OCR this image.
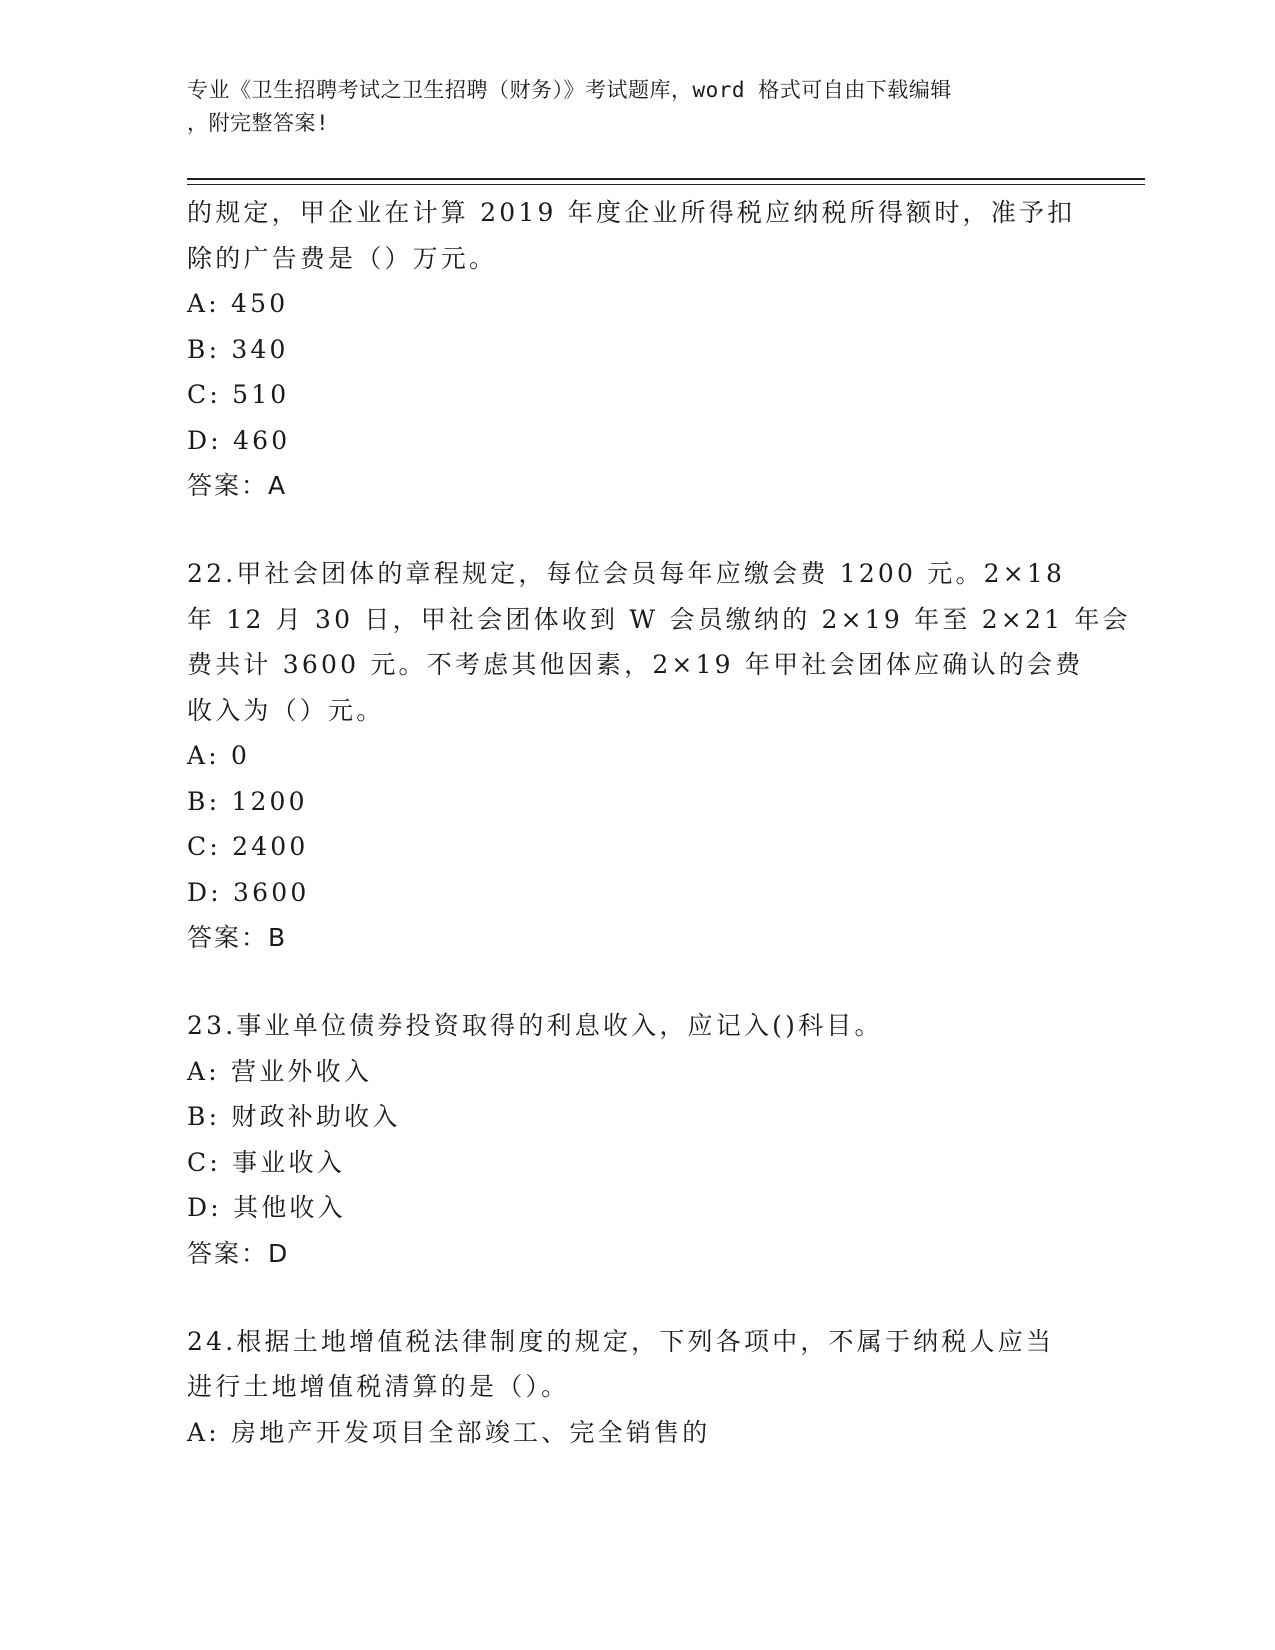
专业《卫生招聘考试之卫生招聘（财务）》考试题库，word 格式可自由下载编辑
，附完整答案!
的规定，甲企业在计算 2019 年度企业所得税应纳税所得额时，准予扣
除的广告费是（）万元。
A: 450
B: 340
C: 510
D: 460
答案：A
22.甲社会团体的章程规定，每位会员每年应缴会费 1200 元。2×18
年 12 月 30 日，甲社会团体收到 W 会员缴纳的 2×19 年至 2×21 年会
费共计 3600 元。不考虑其他因素，2×19 年甲社会团体应确认的会费
收入为（）元。
A: 0
B: 1200
C: 2400
D: 3600
答案：B
23.事业单位债券投资取得的利息收入，应记入()科目。
A: 营业外收入
B: 财政补助收入
C: 事业收入
D: 其他收入
答案：D
24.根据土地增值税法律制度的规定，下列各项中，不属于纳税人应当
进行土地增值税清算的是（）。
A: 房地产开发项目全部竣工、完全销售的
